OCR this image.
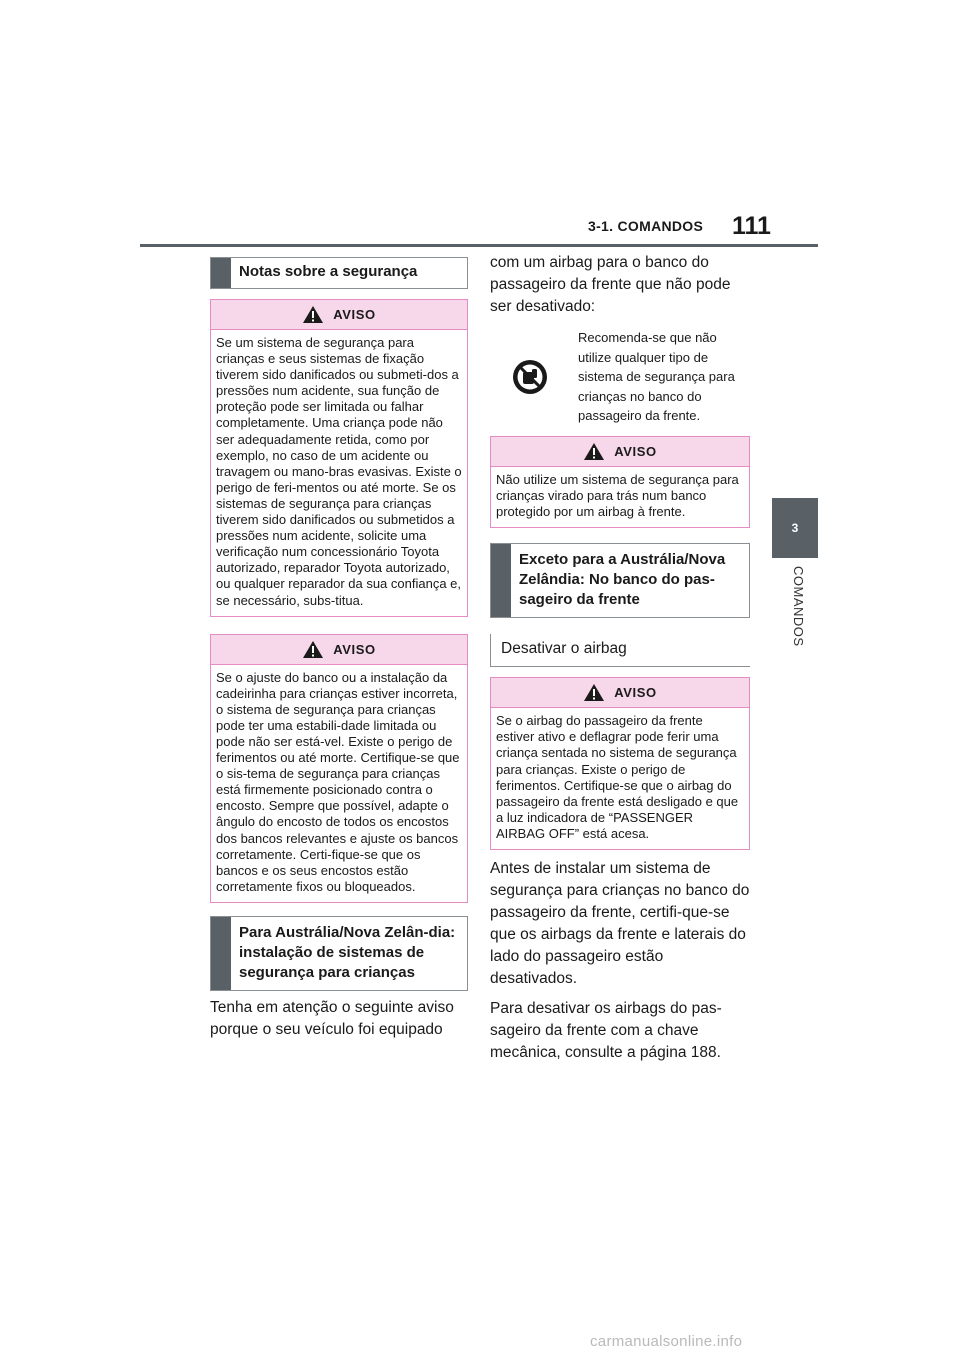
3-1. COMANDOS 111
3
COMANDOS
Notas sobre a segurança
AVISO
Se um sistema de segurança para crianças e seus sistemas de fixação tiverem sido danificados ou submeti-dos a pressões num acidente, sua função de proteção pode ser limitada ou falhar completamente. Uma criança pode não ser adequadamente retida, como por exemplo, no caso de um acidente ou travagem ou mano-bras evasivas. Existe o perigo de feri-mentos ou até morte. Se os sistemas de segurança para crianças tiverem sido danificados ou submetidos a pressões num acidente, solicite uma verificação num concessionário Toyota autorizado, reparador Toyota autorizado, ou qualquer reparador da sua confiança e, se necessário, subs-titua.
AVISO
Se o ajuste do banco ou a instalação da cadeirinha para crianças estiver incorreta, o sistema de segurança para crianças pode ter uma estabili-dade limitada ou pode não ser está-vel. Existe o perigo de ferimentos ou até morte. Certifique-se que o sis-tema de segurança para crianças está firmemente posicionado contra o encosto. Sempre que possível, adapte o ângulo do encosto de todos os encostos dos bancos relevantes e ajuste os bancos corretamente. Certi-fique-se que os bancos e os seus encostos estão corretamente fixos ou bloqueados.
Para Austrália/Nova Zelân-dia: instalação de sistemas de segurança para crianças

Tenha em atenção o seguinte aviso porque o seu veículo foi equipado

com um airbag para o banco do passageiro da frente que não pode ser desativado:

Recomenda-se que não utilize qualquer tipo de sistema de segurança para crianças no banco do passageiro da frente.
AVISO
Não utilize um sistema de segurança para crianças virado para trás num banco protegido por um airbag à frente.
Exceto para a Austrália/Nova Zelândia: No banco do pas-sageiro da frente
Desativar o airbag
AVISO
Se o airbag do passageiro da frente estiver ativo e deflagrar pode ferir uma criança sentada no sistema de segurança para crianças. Existe o perigo de ferimentos. Certifique-se que o airbag do passageiro da frente está desligado e que a luz indicadora de “PASSENGER AIRBAG OFF” está acesa.

Antes de instalar um sistema de segurança para crianças no banco do passageiro da frente, certifi-que-se que os airbags da frente e laterais do lado do passageiro estão desativados.

Para desativar os airbags do pas-sageiro da frente com a chave mecânica, consulte a página 188.

carmanualsonline.info
